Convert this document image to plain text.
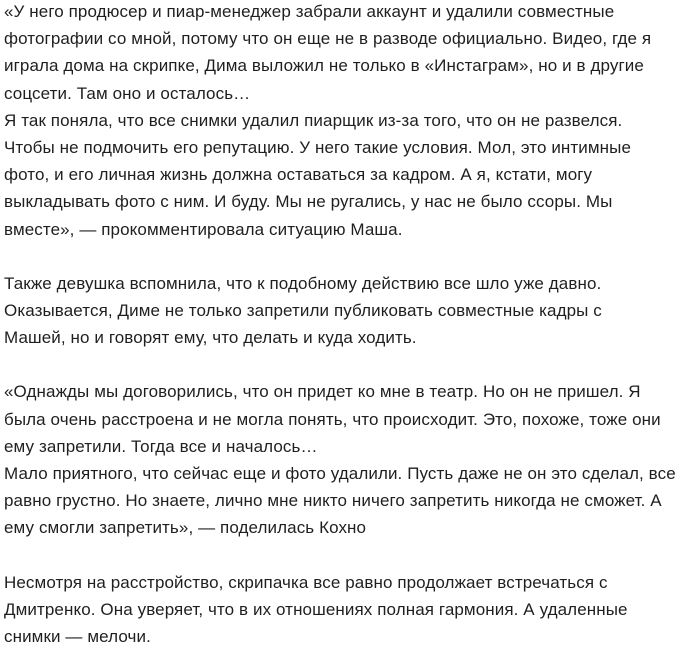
«У него продюсер и пиар-менеджер забрали аккаунт и удалили совместные
фотографии со мной, потому что он еще не в разводе официально. Видео, где я
играла дома на скрипке, Дима выложил не только в «Инстаграм», но и в другие
соцсети. Там оно и осталось…

Я так поняла, что все снимки удалил пиарщик из-за того, что он не развелся.
Чтобы не подмочить его репутацию. У него такие условия. Мол, это интимные
фото, и его личная жизнь должна оставаться за кадром. А я, кстати, могу
выкладывать фото с ним. И буду. Мы не ругались, у нас не было ссоры. Мы
вместе», — прокомментировала ситуацию Маша.

Также девушка вспомнила, что к подобному действию все шло уже давно.
Оказывается, Диме не только запретили публиковать совместные кадры с
Машей, но и говорят ему, что делать и куда ходить.

«Однажды мы договорились, что он придет ко мне в театр. Но он не пришел. Я
была очень расстроена и не могла понять, что происходит. Это, похоже, тоже они
ему запретили. Тогда все и началось…

Мало приятного, что сейчас еще и фото удалили. Пусть даже не он это сделал, все
равно грустно. Но знаете, лично мне никто ничего запретить никогда не сможет. А
ему смогли запретить», — поделилась Кохно

Несмотря на расстройство, скрипачка все равно продолжает встречаться с
Дмитренко. Она уверяет, что в их отношениях полная гармония. А удаленные
снимки — мелочи.
